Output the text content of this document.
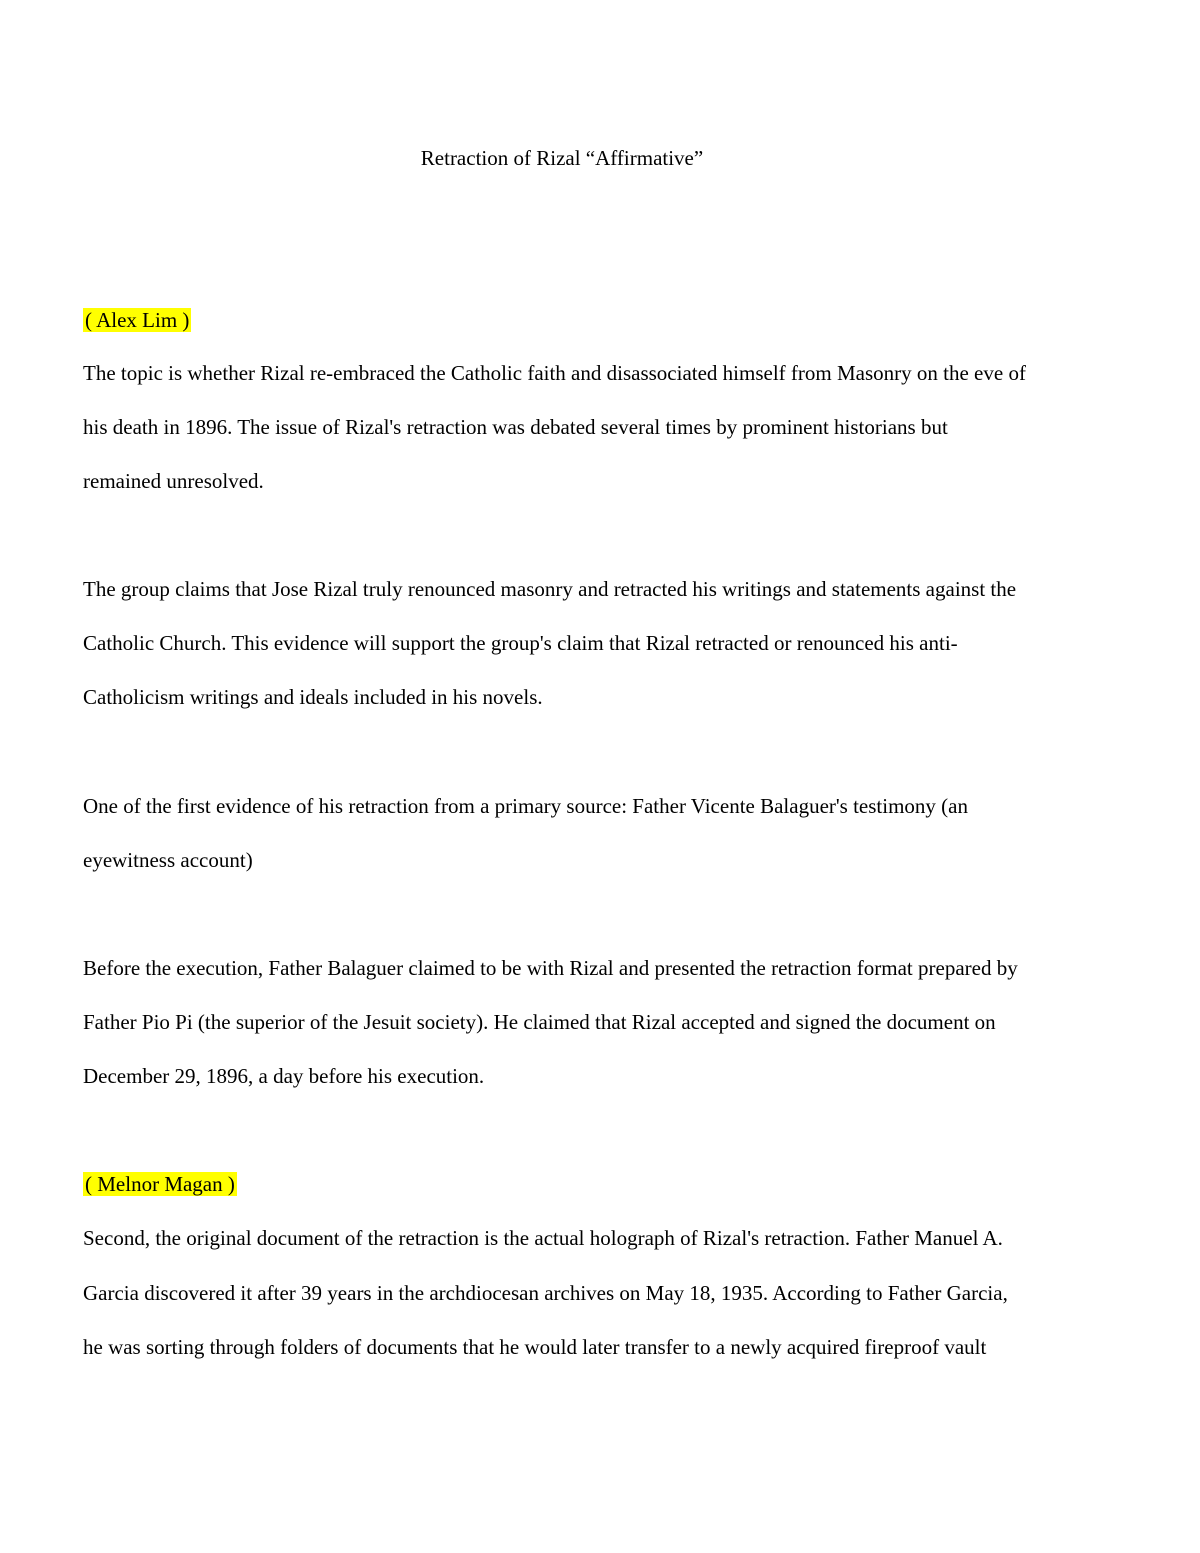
Retraction of Rizal “Affirmative”
( Alex Lim )
The topic is whether Rizal re-embraced the Catholic faith and disassociated himself from Masonry on the eve of
his death in 1896. The issue of Rizal's retraction was debated several times by prominent historians but
remained unresolved.
The group claims that Jose Rizal truly renounced masonry and retracted his writings and statements against the
Catholic Church. This evidence will support the group's claim that Rizal retracted or renounced his anti-
Catholicism writings and ideals included in his novels.
One of the first evidence of his retraction from a primary source: Father Vicente Balaguer's testimony (an
eyewitness account)
Before the execution, Father Balaguer claimed to be with Rizal and presented the retraction format prepared by
Father Pio Pi (the superior of the Jesuit society). He claimed that Rizal accepted and signed the document on
December 29, 1896, a day before his execution.
( Melnor Magan )
Second, the original document of the retraction is the actual holograph of Rizal's retraction. Father Manuel A.
Garcia discovered it after 39 years in the archdiocesan archives on May 18, 1935. According to Father Garcia,
he was sorting through folders of documents that he would later transfer to a newly acquired fireproof vault
